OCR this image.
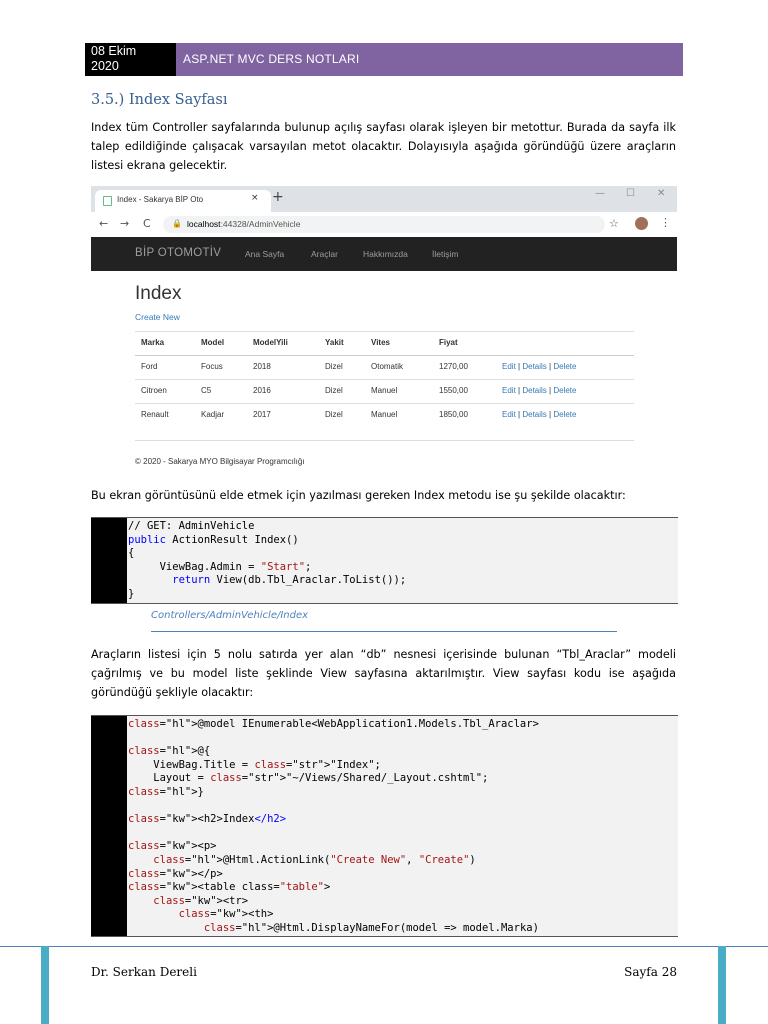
08 Ekim
2020	ASP.NET MVC DERS NOTLARI
3.5.) Index Sayfası
Index tüm Controller sayfalarında bulunup açılış sayfası olarak işleyen bir metottur. Burada da sayfa ilk talep edildiğinde çalışacak varsayılan metot olacaktır. Dolayısıyla aşağıda göründüğü üzere araçların listesi ekrana gelecektir.
Index - Sakarya BİP Oto	× +	— ☐ ✕
← → C	🔒 localhost:44328/AdminVehicle	☆	⋮
BİP OTOMOTİV	Ana Sayfa	Araçlar	Hakkımızda	İletişim
Index
Create New
Marka	Model	ModelYili	Yakit	Vites	Fiyat
Ford	Focus	2018	Dizel	Otomatik	1270,00	Edit | Details | Delete
Citroen	C5	2016	Dizel	Manuel	1550,00	Edit | Details | Delete
Renault	Kadjar	2017	Dizel	Manuel	1850,00	Edit | Details | Delete
© 2020 - Sakarya MYO Bilgisayar Programcılığı
Bu ekran görüntüsünü elde etmek için yazılması gereken Index metodu ise şu şekilde olacaktır:
// GET: AdminVehicle
public ActionResult Index()
{
ViewBag.Admin = "Start";
return View(db.Tbl_Araclar.ToList());
}
Controllers/AdminVehicle/Index
Araçların listesi için 5 nolu satırda yer alan “db” nesnesi içerisinde bulunan “Tbl_Araclar” modeli çağrılmış ve bu model liste şeklinde View sayfasına aktarılmıştır. View sayfası kodu ise aşağıda göründüğü şekliyle olacaktır:
class="hl">@model IEnumerable<WebApplication1.Models.Tbl_Araclar>

class="hl">@{
ViewBag.Title = class="str">"Index";
Layout = class="str">"~/Views/Shared/_Layout.cshtml";
class="hl">}

class="kw"><h2>Index</h2>

class="kw"><p>
class="hl">@Html.ActionLink("Create New", "Create")
class="kw"></p>
class="kw"><table class="table">
class="kw"><tr>
class="kw"><th>
class="hl">@Html.DisplayNameFor(model => model.Marka)
Dr. Serkan Dereli	Sayfa 28
